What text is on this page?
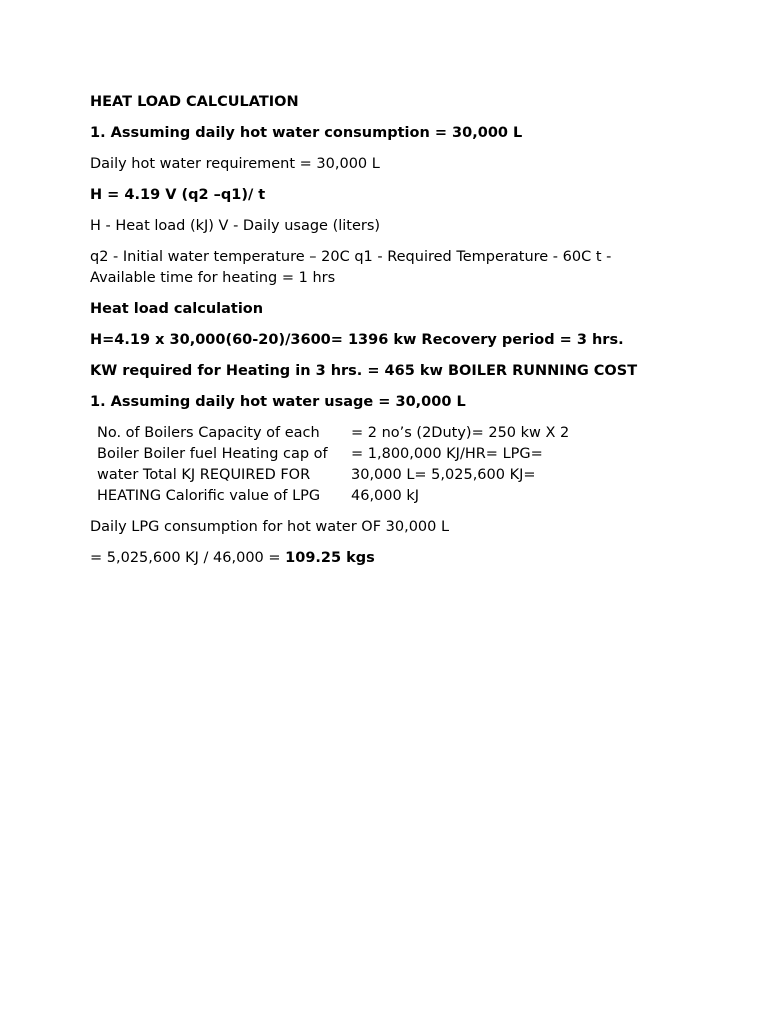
HEAT LOAD CALCULATION

1. Assuming daily hot water consumption = 30,000 L

Daily hot water requirement = 30,000 L

H = 4.19 V (q2 –q1)/ t

H - Heat load (kJ) V - Daily usage (liters)

q2 - Initial water temperature – 20C q1 - Required Temperature - 60C t - Available time for heating = 1 hrs

Heat load calculation

H=4.19 x 30,000(60-20)/3600= 1396 kw Recovery period = 3 hrs.

KW required for Heating in 3 hrs. = 465 kw BOILER RUNNING COST

1. Assuming daily hot water usage = 30,000 L

No. of Boilers Capacity of each
Boiler Boiler fuel Heating cap of
water Total KJ REQUIRED FOR
HEATING Calorific value of LPG
= 2 no’s (2Duty)= 250 kw X 2
= 1,800,000 KJ/HR= LPG=
30,000 L= 5,025,600 KJ=
46,000 kJ

Daily LPG consumption for hot water OF 30,000 L

= 5,025,600 KJ / 46,000 = 109.25 kgs
